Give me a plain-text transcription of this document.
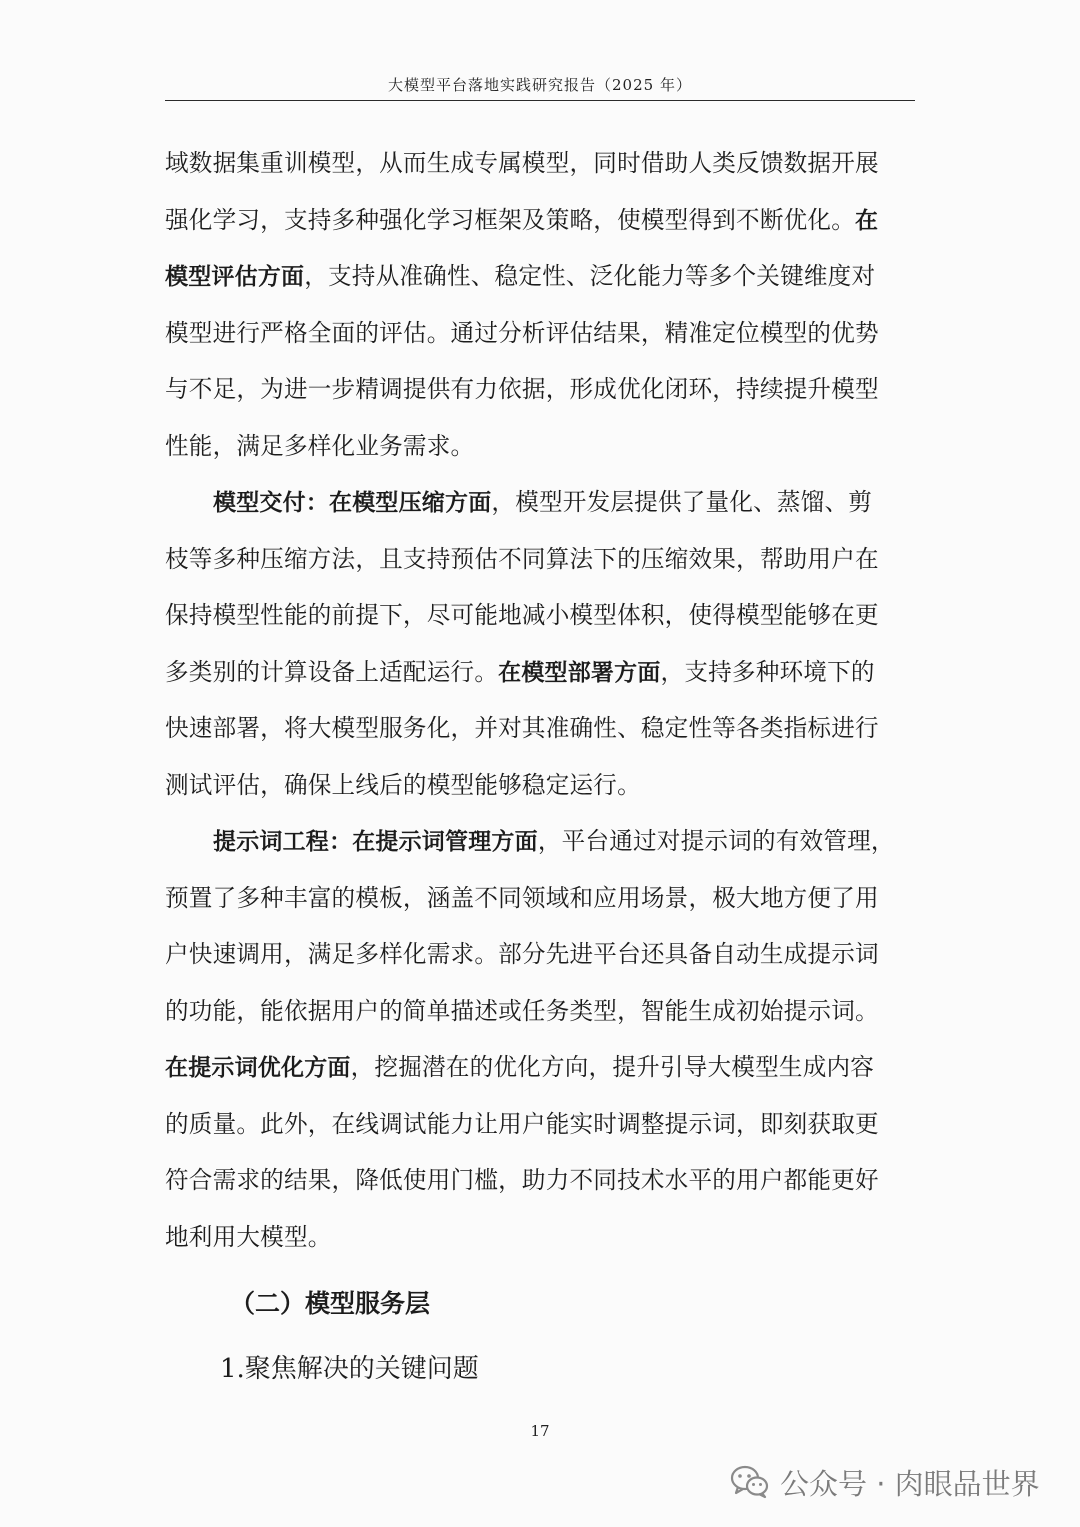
大模型平台落地实践研究报告（2025 年）
域数据集重训模型，从而生成专属模型，同时借助人类反馈数据开展
强化学习，支持多种强化学习框架及策略，使模型得到不断优化。在
模型评估方面，支持从准确性、稳定性、泛化能力等多个关键维度对
模型进行严格全面的评估。通过分析评估结果，精准定位模型的优势
与不足，为进一步精调提供有力依据，形成优化闭环，持续提升模型
性能，满足多样化业务需求。
模型交付：在模型压缩方面，模型开发层提供了量化、蒸馏、剪
枝等多种压缩方法，且支持预估不同算法下的压缩效果，帮助用户在
保持模型性能的前提下，尽可能地减小模型体积，使得模型能够在更
多类别的计算设备上适配运行。在模型部署方面，支持多种环境下的
快速部署，将大模型服务化，并对其准确性、稳定性等各类指标进行
测试评估，确保上线后的模型能够稳定运行。
提示词工程：在提示词管理方面，平台通过对提示词的有效管理，
预置了多种丰富的模板，涵盖不同领域和应用场景，极大地方便了用
户快速调用，满足多样化需求。部分先进平台还具备自动生成提示词
的功能，能依据用户的简单描述或任务类型，智能生成初始提示词。
在提示词优化方面，挖掘潜在的优化方向，提升引导大模型生成内容
的质量。此外，在线调试能力让用户能实时调整提示词，即刻获取更
符合需求的结果，降低使用门槛，助力不同技术水平的用户都能更好
地利用大模型。
（二）模型服务层
1.聚焦解决的关键问题
17
公众号 · 肉眼品世界
